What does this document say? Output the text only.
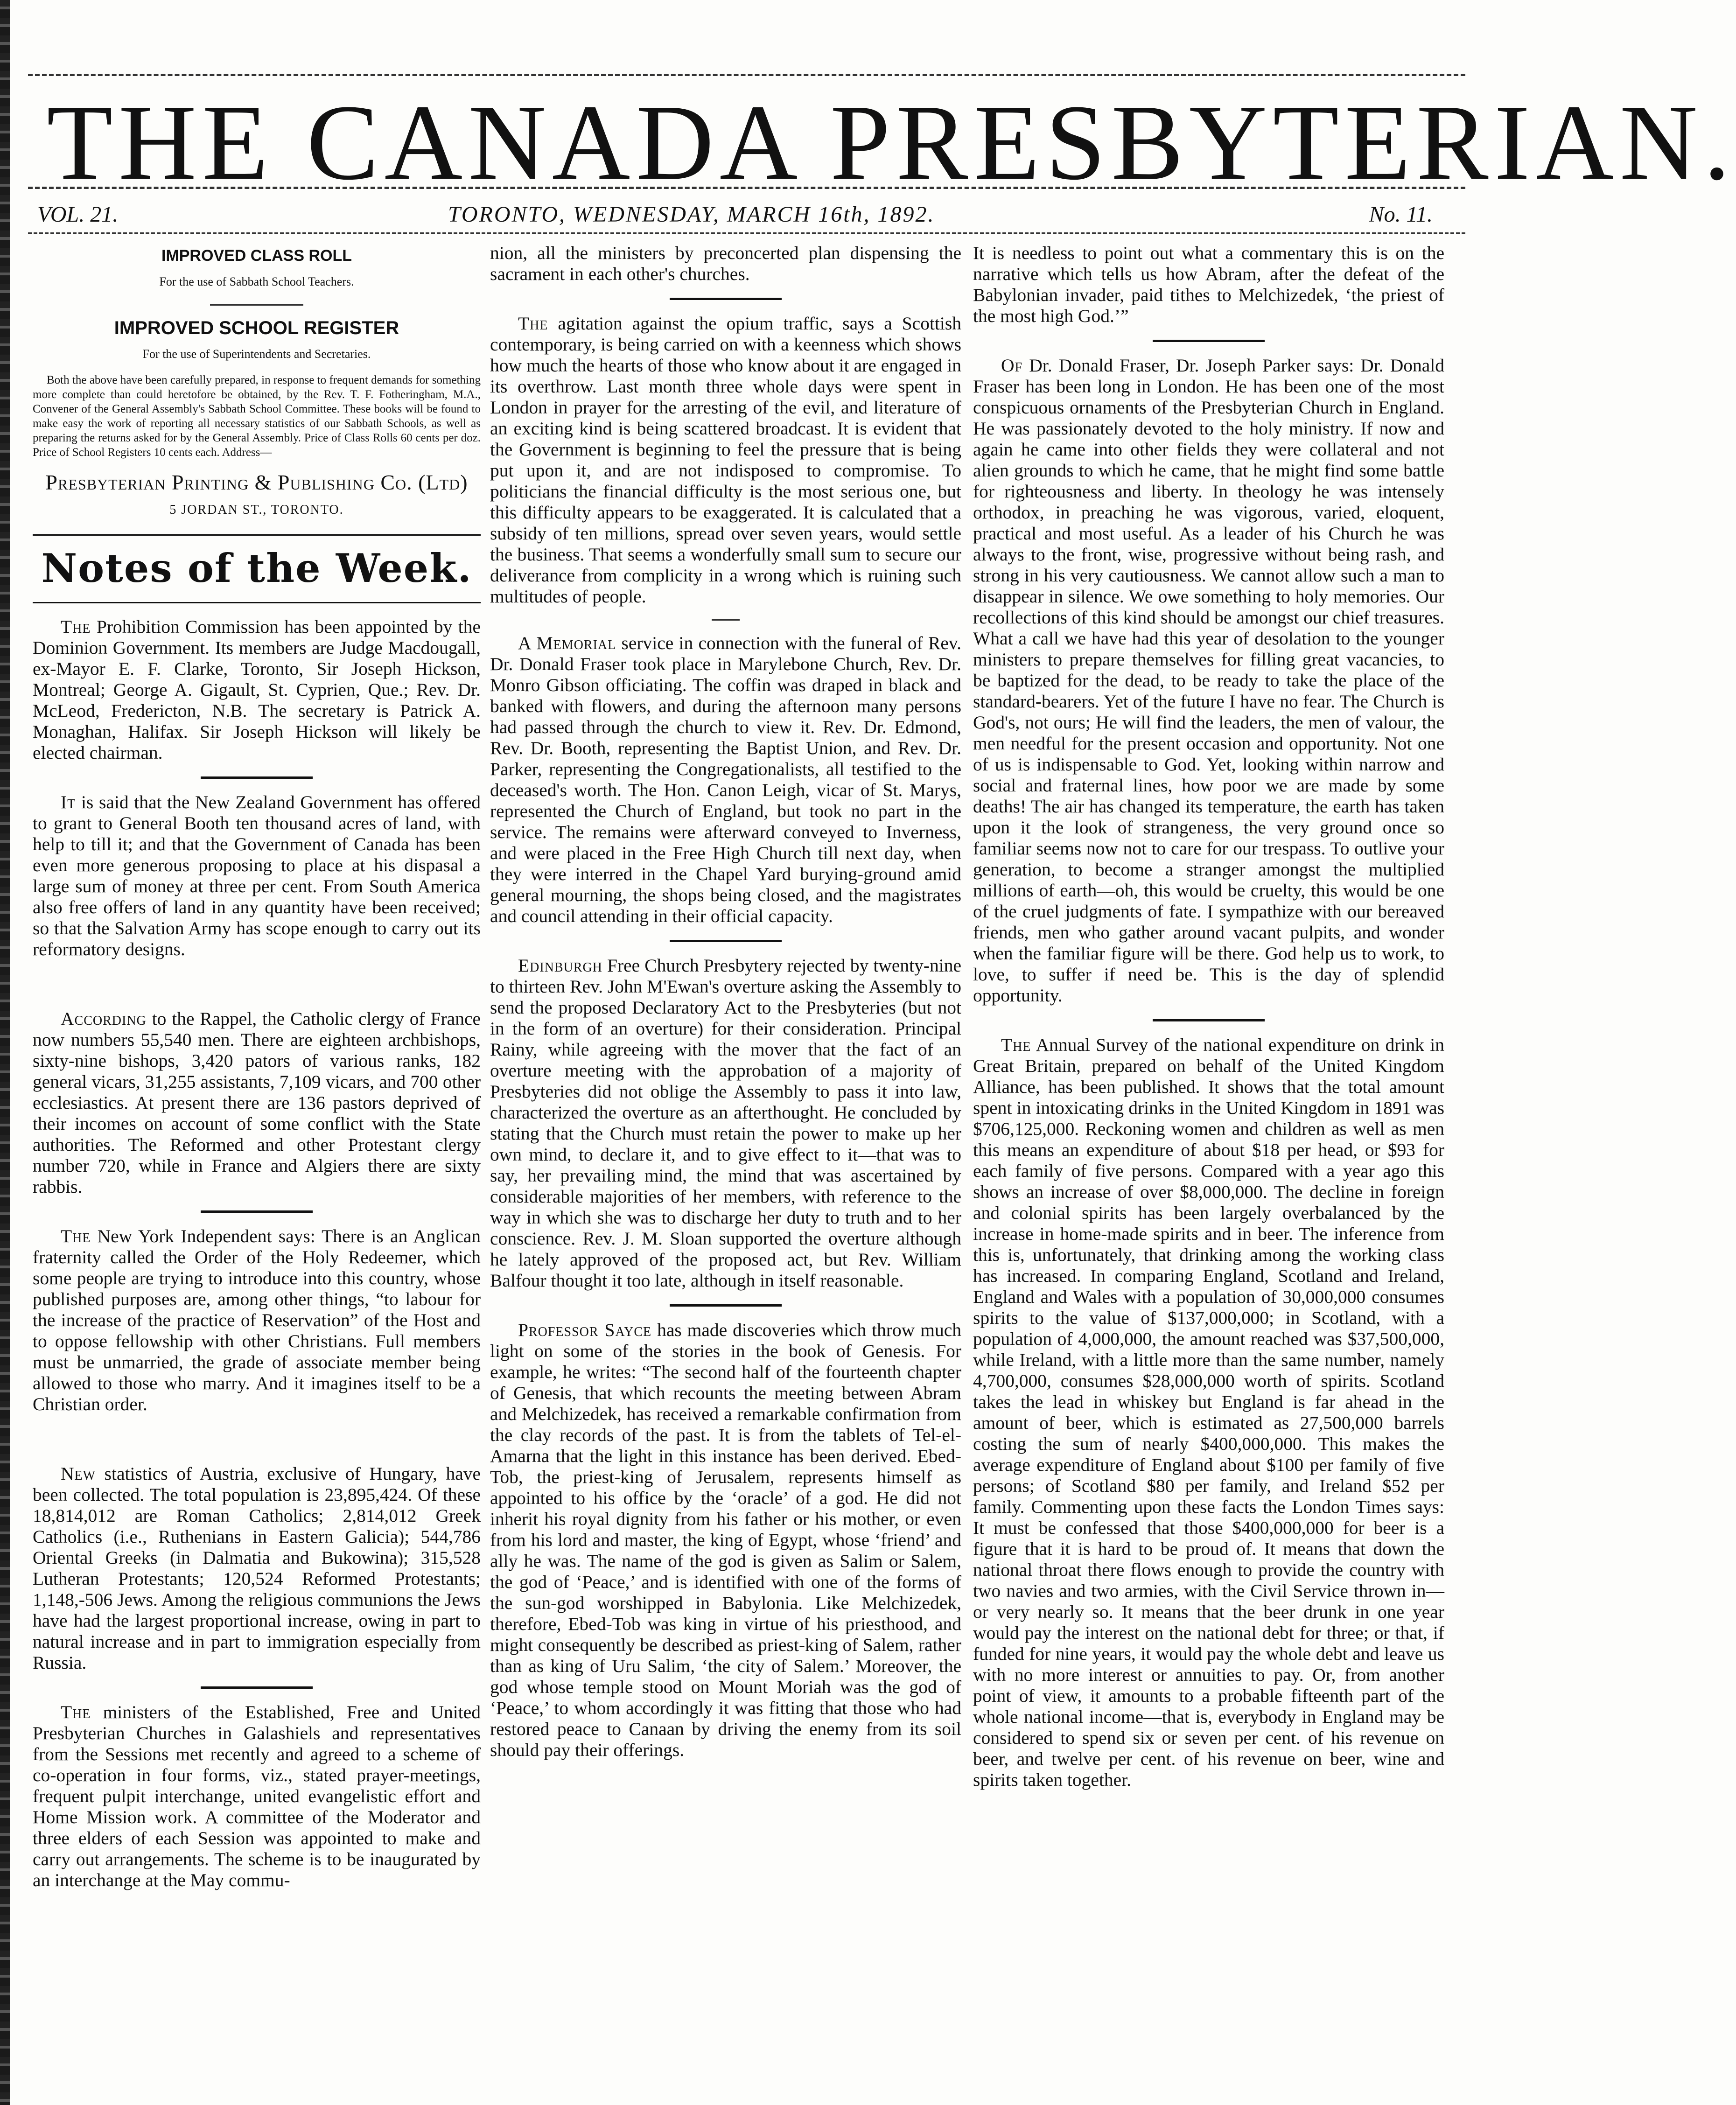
THE CANADA PRESBYTERIAN.
VOL. 21.	TORONTO, WEDNESDAY, MARCH 16th, 1892.	No. 11.
IMPROVED CLASS ROLL
For the use of Sabbath School Teachers.
IMPROVED SCHOOL REGISTER
For the use of Superintendents and Secretaries.
Both the above have been carefully prepared, in response to frequent demands for something more complete than could heretofore be obtained, by the Rev. T. F. Fotheringham, M.A., Convener of the General Assembly's Sabbath School Committee. These books will be found to make easy the work of reporting all necessary statistics of our Sabbath Schools, as well as preparing the returns asked for by the General Assembly. Price of Class Rolls 60 cents per doz. Price of School Registers 10 cents each. Address—
Presbyterian Printing & Publishing Co. (Ltd)
5 JORDAN ST., TORONTO.
Notes of the Week.

The Prohibition Commission has been appointed by the Dominion Government. Its members are Judge Macdougall, ex-Mayor E. F. Clarke, Toronto, Sir Joseph Hickson, Montreal; George A. Gigault, St. Cyprien, Que.; Rev. Dr. McLeod, Fredericton, N.B. The secretary is Patrick A. Monaghan, Halifax. Sir Joseph Hickson will likely be elected chairman.

It is said that the New Zealand Government has offered to grant to General Booth ten thousand acres of land, with help to till it; and that the Government of Canada has been even more generous proposing to place at his dispasal a large sum of money at three per cent. From South America also free offers of land in any quantity have been received; so that the Salvation Army has scope enough to carry out its reformatory designs.

According to the Rappel, the Catholic clergy of France now numbers 55,540 men. There are eighteen archbishops, sixty-nine bishops, 3,420 pators of various ranks, 182 general vicars, 31,255 assistants, 7,109 vicars, and 700 other ecclesiastics. At present there are 136 pastors deprived of their incomes on account of some conflict with the State authorities. The Reformed and other Protestant clergy number 720, while in France and Algiers there are sixty rabbis.

The New York Independent says: There is an Anglican fraternity called the Order of the Holy Redeemer, which some people are trying to introduce into this country, whose published purposes are, among other things, “to labour for the increase of the practice of Reservation” of the Host and to oppose fellowship with other Christians. Full members must be unmarried, the grade of associate member being allowed to those who marry. And it imagines itself to be a Christian order.

New statistics of Austria, exclusive of Hungary, have been collected. The total population is 23,895,424. Of these 18,814,012 are Roman Catholics; 2,814,012 Greek Catholics (i.e., Ruthenians in Eastern Galicia); 544,786 Oriental Greeks (in Dalmatia and Bukowina); 315,528 Lutheran Protestants; 120,524 Reformed Protestants; 1,148,-506 Jews. Among the religious communions the Jews have had the largest proportional increase, owing in part to natural increase and in part to immigration especially from Russia.

The ministers of the Established, Free and United Presbyterian Churches in Galashiels and representatives from the Sessions met recently and agreed to a scheme of co-operation in four forms, viz., stated prayer-meetings, frequent pulpit interchange, united evangelistic effort and Home Mission work. A committee of the Moderator and three elders of each Session was appointed to make and carry out arrangements. The scheme is to be inaugurated by an interchange at the May commu-

nion, all the ministers by preconcerted plan dispensing the sacrament in each other's churches.

The agitation against the opium traffic, says a Scottish contemporary, is being carried on with a keenness which shows how much the hearts of those who know about it are engaged in its overthrow. Last month three whole days were spent in London in prayer for the arresting of the evil, and literature of an exciting kind is being scattered broadcast. It is evident that the Government is beginning to feel the pressure that is being put upon it, and are not indisposed to compromise. To politicians the financial difficulty is the most serious one, but this difficulty appears to be exaggerated. It is calculated that a subsidy of ten millions, spread over seven years, would settle the business. That seems a wonderfully small sum to secure our deliverance from complicity in a wrong which is ruining such multitudes of people.

A Memorial service in connection with the funeral of Rev. Dr. Donald Fraser took place in Marylebone Church, Rev. Dr. Monro Gibson officiating. The coffin was draped in black and banked with flowers, and during the afternoon many persons had passed through the church to view it. Rev. Dr. Edmond, Rev. Dr. Booth, representing the Baptist Union, and Rev. Dr. Parker, representing the Congregationalists, all testified to the deceased's worth. The Hon. Canon Leigh, vicar of St. Marys, represented the Church of England, but took no part in the service. The remains were afterward conveyed to Inverness, and were placed in the Free High Church till next day, when they were interred in the Chapel Yard burying-ground amid general mourning, the shops being closed, and the magistrates and council attending in their official capacity.

Edinburgh Free Church Presbytery rejected by twenty-nine to thirteen Rev. John M'Ewan's overture asking the Assembly to send the proposed Declaratory Act to the Presbyteries (but not in the form of an overture) for their consideration. Principal Rainy, while agreeing with the mover that the fact of an overture meeting with the approbation of a majority of Presbyteries did not oblige the Assembly to pass it into law, characterized the overture as an afterthought. He concluded by stating that the Church must retain the power to make up her own mind, to declare it, and to give effect to it—that was to say, her prevailing mind, the mind that was ascertained by considerable majorities of her members, with reference to the way in which she was to discharge her duty to truth and to her conscience. Rev. J. M. Sloan supported the overture although he lately approved of the proposed act, but Rev. William Balfour thought it too late, although in itself reasonable.

Professor Sayce has made discoveries which throw much light on some of the stories in the book of Genesis. For example, he writes: “The second half of the fourteenth chapter of Genesis, that which recounts the meeting between Abram and Melchizedek, has received a remarkable confirmation from the clay records of the past. It is from the tablets of Tel-el-Amarna that the light in this instance has been derived. Ebed-Tob, the priest-king of Jerusalem, represents himself as appointed to his office by the ‘oracle’ of a god. He did not inherit his royal dignity from his father or his mother, or even from his lord and master, the king of Egypt, whose ‘friend’ and ally he was. The name of the god is given as Salim or Salem, the god of ‘Peace,’ and is identified with one of the forms of the sun-god worshipped in Babylonia. Like Melchizedek, therefore, Ebed-Tob was king in virtue of his priesthood, and might consequently be described as priest-king of Salem, rather than as king of Uru Salim, ‘the city of Salem.’ Moreover, the god whose temple stood on Mount Moriah was the god of ‘Peace,’ to whom accordingly it was fitting that those who had restored peace to Canaan by driving the enemy from its soil should pay their offerings.

It is needless to point out what a commentary this is on the narrative which tells us how Abram, after the defeat of the Babylonian invader, paid tithes to Melchizedek, ‘the priest of the most high God.’”

Of Dr. Donald Fraser, Dr. Joseph Parker says: Dr. Donald Fraser has been long in London. He has been one of the most conspicuous ornaments of the Presbyterian Church in England. He was passionately devoted to the holy ministry. If now and again he came into other fields they were collateral and not alien grounds to which he came, that he might find some battle for righteousness and liberty. In theology he was intensely orthodox, in preaching he was vigorous, varied, eloquent, practical and most useful. As a leader of his Church he was always to the front, wise, progressive without being rash, and strong in his very cautiousness. We cannot allow such a man to disappear in silence. We owe something to holy memories. Our recollections of this kind should be amongst our chief treasures. What a call we have had this year of desolation to the younger ministers to prepare themselves for filling great vacancies, to be baptized for the dead, to be ready to take the place of the standard-bearers. Yet of the future I have no fear. The Church is God's, not ours; He will find the leaders, the men of valour, the men needful for the present occasion and opportunity. Not one of us is indispensable to God. Yet, looking within narrow and social and fraternal lines, how poor we are made by some deaths! The air has changed its temperature, the earth has taken upon it the look of strangeness, the very ground once so familiar seems now not to care for our trespass. To outlive your generation, to become a stranger amongst the multiplied millions of earth—oh, this would be cruelty, this would be one of the cruel judgments of fate. I sympathize with our bereaved friends, men who gather around vacant pulpits, and wonder when the familiar figure will be there. God help us to work, to love, to suffer if need be. This is the day of splendid opportunity.

The Annual Survey of the national expenditure on drink in Great Britain, prepared on behalf of the United Kingdom Alliance, has been published. It shows that the total amount spent in intoxicating drinks in the United Kingdom in 1891 was $706,125,000. Reckoning women and children as well as men this means an expenditure of about $18 per head, or $93 for each family of five persons. Compared with a year ago this shows an increase of over $8,000,000. The decline in foreign and colonial spirits has been largely overbalanced by the increase in home-made spirits and in beer. The inference from this is, unfortunately, that drinking among the working class has increased. In comparing England, Scotland and Ireland, England and Wales with a population of 30,000,000 consumes spirits to the value of $137,000,000; in Scotland, with a population of 4,000,000, the amount reached was $37,500,000, while Ireland, with a little more than the same number, namely 4,700,000, consumes $28,000,000 worth of spirits. Scotland takes the lead in whiskey but England is far ahead in the amount of beer, which is estimated as 27,500,000 barrels costing the sum of nearly $400,000,000. This makes the average expenditure of England about $100 per family of five persons; of Scotland $80 per family, and Ireland $52 per family. Commenting upon these facts the London Times says: It must be confessed that those $400,000,000 for beer is a figure that it is hard to be proud of. It means that down the national throat there flows enough to provide the country with two navies and two armies, with the Civil Service thrown in—or very nearly so. It means that the beer drunk in one year would pay the interest on the national debt for three; or that, if funded for nine years, it would pay the whole debt and leave us with no more interest or annuities to pay. Or, from another point of view, it amounts to a probable fifteenth part of the whole national income—that is, everybody in England may be considered to spend six or seven per cent. of his revenue on beer, and twelve per cent. of his revenue on beer, wine and spirits taken together.
